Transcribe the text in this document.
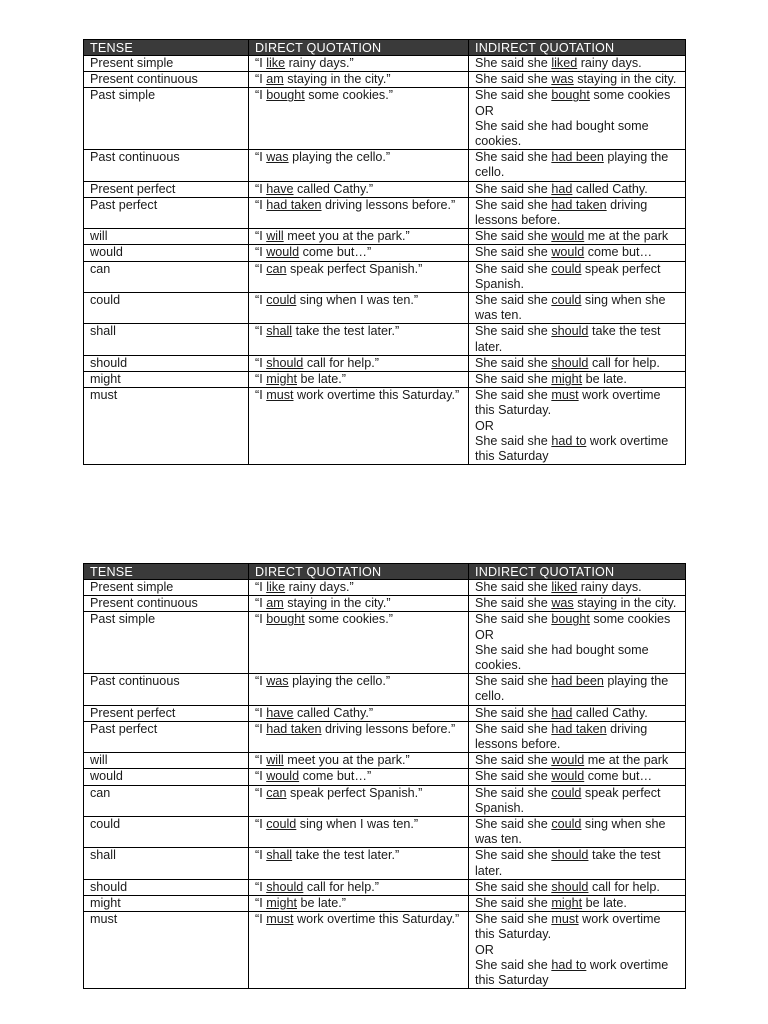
TENSE	DIRECT QUOTATION	INDIRECT QUOTATION
Present simple	“I like rainy days.”	She said she liked rainy days.
Present continuous	“I am staying in the city.”	She said she was staying in the city.
Past simple	“I bought some cookies.”	She said she bought some cookies
OR
She said she had bought some cookies.
Past continuous	“I was playing the cello.”	She said she had been playing the cello.
Present perfect	“I have called Cathy.”	She said she had called Cathy.
Past perfect	“I had taken driving lessons before.”	She said she had taken driving lessons before.
will	“I will meet you at the park.”	She said she would me at the park
would	“I would come but…”	She said she would come but…
can	“I can speak perfect Spanish.”	She said she could speak perfect Spanish.
could	“I could sing when I was ten.”	She said she could sing when she was ten.
shall	“I shall take the test later.”	She said she should take the test later.
should	“I should call for help.”	She said she should call for help.
might	“I might be late.”	She said she might be late.
must	“I must work overtime this Saturday.”	She said she must work overtime this Saturday.
OR
She said she had to work overtime this Saturday
TENSE	DIRECT QUOTATION	INDIRECT QUOTATION
Present simple	“I like rainy days.”	She said she liked rainy days.
Present continuous	“I am staying in the city.”	She said she was staying in the city.
Past simple	“I bought some cookies.”	She said she bought some cookies
OR
She said she had bought some cookies.
Past continuous	“I was playing the cello.”	She said she had been playing the cello.
Present perfect	“I have called Cathy.”	She said she had called Cathy.
Past perfect	“I had taken driving lessons before.”	She said she had taken driving lessons before.
will	“I will meet you at the park.”	She said she would me at the park
would	“I would come but…”	She said she would come but…
can	“I can speak perfect Spanish.”	She said she could speak perfect Spanish.
could	“I could sing when I was ten.”	She said she could sing when she was ten.
shall	“I shall take the test later.”	She said she should take the test later.
should	“I should call for help.”	She said she should call for help.
might	“I might be late.”	She said she might be late.
must	“I must work overtime this Saturday.”	She said she must work overtime this Saturday.
OR
She said she had to work overtime this Saturday
